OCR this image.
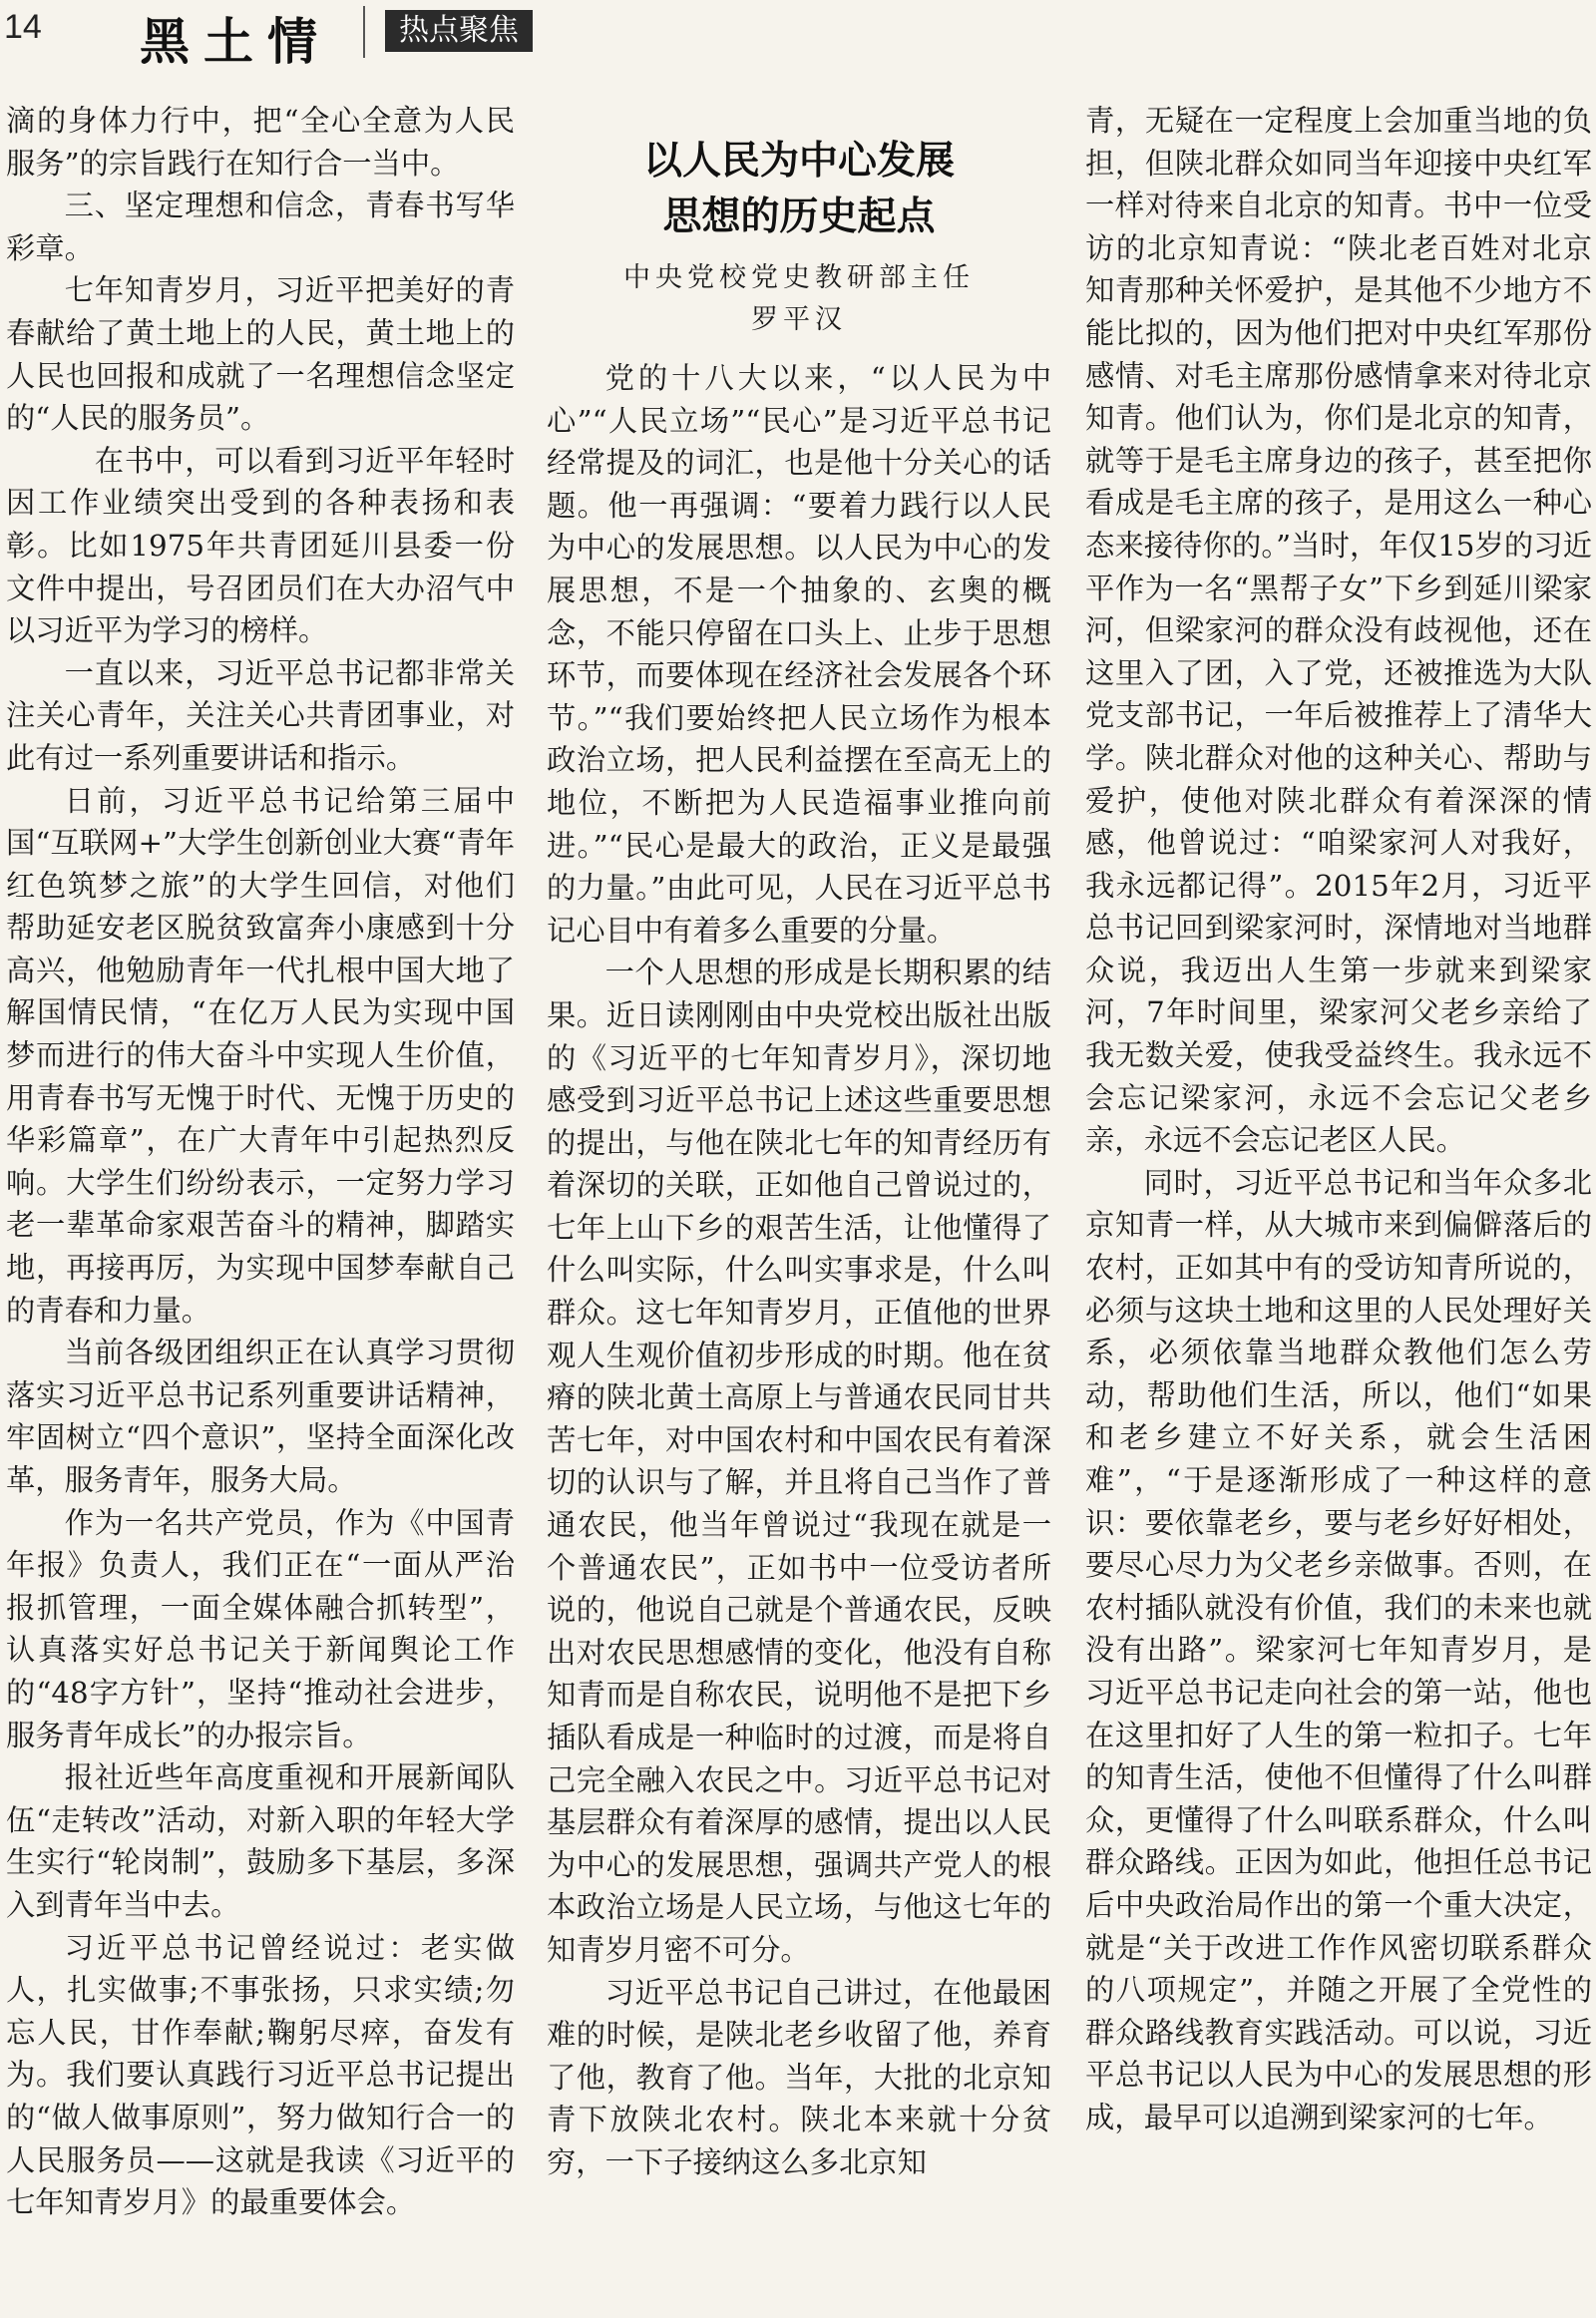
14 黑土情	热点聚焦

滴的身体力行中，把“全心全意为人民服务”的宗旨践行在知行合一当中。

三、坚定理想和信念，青春书写华彩章。

七年知青岁月，习近平把美好的青春献给了黄土地上的人民，黄土地上的人民也回报和成就了一名理想信念坚定的“人民的服务员”。

　在书中，可以看到习近平年轻时因工作业绩突出受到的各种表扬和表彰。比如1975年共青团延川县委一份文件中提出，号召团员们在大办沼气中以习近平为学习的榜样。

一直以来，习近平总书记都非常关注关心青年，关注关心共青团事业，对此有过一系列重要讲话和指示。

日前，习近平总书记给第三届中国“互联网+”大学生创新创业大赛“青年红色筑梦之旅”的大学生回信，对他们帮助延安老区脱贫致富奔小康感到十分高兴，他勉励青年一代扎根中国大地了解国情民情，“在亿万人民为实现中国梦而进行的伟大奋斗中实现人生价值，用青春书写无愧于时代、无愧于历史的华彩篇章”，在广大青年中引起热烈反响。大学生们纷纷表示，一定努力学习老一辈革命家艰苦奋斗的精神，脚踏实地，再接再厉，为实现中国梦奉献自己的青春和力量。

当前各级团组织正在认真学习贯彻落实习近平总书记系列重要讲话精神，牢固树立“四个意识”，坚持全面深化改革，服务青年，服务大局。

作为一名共产党员，作为《中国青年报》负责人，我们正在“一面从严治报抓管理，一面全媒体融合抓转型”，认真落实好总书记关于新闻舆论工作的“48字方针”，坚持“推动社会进步，服务青年成长”的办报宗旨。

报社近些年高度重视和开展新闻队伍“走转改”活动，对新入职的年轻大学生实行“轮岗制”，鼓励多下基层，多深入到青年当中去。

习近平总书记曾经说过：老实做人，扎实做事;不事张扬，只求实绩;勿忘人民，甘作奉献;鞠躬尽瘁，奋发有为。我们要认真践行习近平总书记提出的“做人做事原则”，努力做知行合一的人民服务员——这就是我读《习近平的七年知青岁月》的最重要体会。

以人民为中心发展
思想的历史起点
中央党校党史教研部主任
罗平汉

党的十八大以来，“以人民为中心”“人民立场”“民心”是习近平总书记经常提及的词汇，也是他十分关心的话题。他一再强调：“要着力践行以人民为中心的发展思想。以人民为中心的发展思想，不是一个抽象的、玄奥的概念，不能只停留在口头上、止步于思想环节，而要体现在经济社会发展各个环节。”“我们要始终把人民立场作为根本政治立场，把人民利益摆在至高无上的地位，不断把为人民造福事业推向前进。”“民心是最大的政治，正义是最强的力量。”由此可见，人民在习近平总书记心目中有着多么重要的分量。

一个人思想的形成是长期积累的结果。近日读刚刚由中央党校出版社出版的《习近平的七年知青岁月》，深切地感受到习近平总书记上述这些重要思想的提出，与他在陕北七年的知青经历有着深切的关联，正如他自己曾说过的，七年上山下乡的艰苦生活，让他懂得了什么叫实际，什么叫实事求是，什么叫群众。这七年知青岁月，正值他的世界观人生观价值初步形成的时期。他在贫瘠的陕北黄土高原上与普通农民同甘共苦七年，对中国农村和中国农民有着深切的认识与了解，并且将自己当作了普通农民，他当年曾说过“我现在就是一个普通农民”，正如书中一位受访者所说的，他说自己就是个普通农民，反映出对农民思想感情的变化，他没有自称知青而是自称农民，说明他不是把下乡插队看成是一种临时的过渡，而是将自己完全融入农民之中。习近平总书记对基层群众有着深厚的感情，提出以人民为中心的发展思想，强调共产党人的根本政治立场是人民立场，与他这七年的知青岁月密不可分。

习近平总书记自己讲过，在他最困难的时候，是陕北老乡收留了他，养育了他，教育了他。当年，大批的北京知青下放陕北农村。陕北本来就十分贫穷，一下子接纳这么多北京知

青，无疑在一定程度上会加重当地的负担，但陕北群众如同当年迎接中央红军一样对待来自北京的知青。书中一位受访的北京知青说：“陕北老百姓对北京知青那种关怀爱护，是其他不少地方不能比拟的，因为他们把对中央红军那份感情、对毛主席那份感情拿来对待北京知青。他们认为，你们是北京的知青，就等于是毛主席身边的孩子，甚至把你看成是毛主席的孩子，是用这么一种心态来接待你的。”当时，年仅15岁的习近平作为一名“黑帮子女”下乡到延川梁家河，但梁家河的群众没有歧视他，还在这里入了团，入了党，还被推选为大队党支部书记，一年后被推荐上了清华大学。陕北群众对他的这种关心、帮助与爱护，使他对陕北群众有着深深的情感，他曾说过：“咱梁家河人对我好，我永远都记得”。2015年2月，习近平总书记回到梁家河时，深情地对当地群众说，我迈出人生第一步就来到梁家河，7年时间里，梁家河父老乡亲给了我无数关爱，使我受益终生。我永远不会忘记梁家河，永远不会忘记父老乡亲，永远不会忘记老区人民。

同时，习近平总书记和当年众多北京知青一样，从大城市来到偏僻落后的农村，正如其中有的受访知青所说的，必须与这块土地和这里的人民处理好关系，必须依靠当地群众教他们怎么劳动，帮助他们生活，所以，他们“如果和老乡建立不好关系，就会生活困难”，“于是逐渐形成了一种这样的意识：要依靠老乡，要与老乡好好相处，要尽心尽力为父老乡亲做事。否则，在农村插队就没有价值，我们的未来也就没有出路”。梁家河七年知青岁月，是习近平总书记走向社会的第一站，他也在这里扣好了人生的第一粒扣子。七年的知青生活，使他不但懂得了什么叫群众，更懂得了什么叫联系群众，什么叫群众路线。正因为如此，他担任总书记后中央政治局作出的第一个重大决定，就是“关于改进工作作风密切联系群众的八项规定”，并随之开展了全党性的群众路线教育实践活动。可以说，习近平总书记以人民为中心的发展思想的形成，最早可以追溯到梁家河的七年。
